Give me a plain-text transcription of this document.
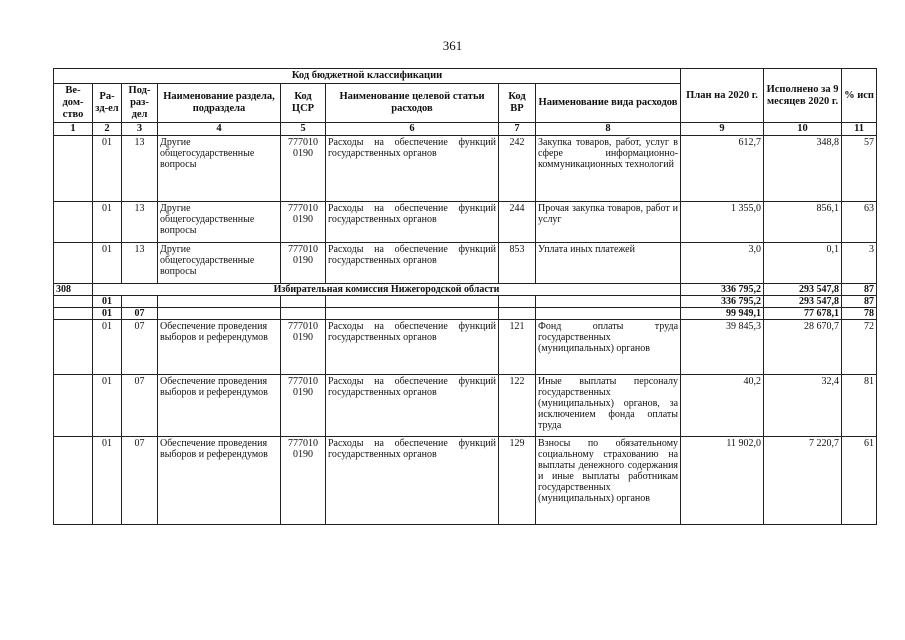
361
Код бюджетной классификации								План на 2020 г.	Исполнено за 9 месяцев 2020 г.	% исп
Ве-дом-ство	Ра-зд-ел	Под-раз-дел	Наименование раздела, подраздела	Код ЦСР	Наименование целевой статьи расходов	Код ВР	Наименование вида расходов			
1	2	3	4	5	6	7	8	9	10	11
	01	13	Другие общегосударственные вопросы	777010 0190	Расходы на обеспечение функций государственных органов	242	Закупка товаров, работ, услуг в сфере информационно-коммуникационных технологий	612,7	348,8	57
	01	13	Другие общегосударственные вопросы	777010 0190	Расходы на обеспечение функций государственных органов	244	Прочая закупка товаров, работ и услуг	1 355,0	856,1	63
	01	13	Другие общегосударственные вопросы	777010 0190	Расходы на обеспечение функций государственных органов	853	Уплата иных платежей	3,0	0,1	3
308	Избирательная комиссия Нижегородской области							336 795,2	293 547,8	87
	01							336 795,2	293 547,8	87
	01	07						99 949,1	77 678,1	78
	01	07	Обеспечение проведения выборов и референдумов	777010 0190	Расходы на обеспечение функций государственных органов	121	Фонд оплаты труда государственных (муниципальных) органов	39 845,3	28 670,7	72
	01	07	Обеспечение проведения выборов и референдумов	777010 0190	Расходы на обеспечение функций государственных органов	122	Иные выплаты персоналу государственных (муниципальных) органов, за исключением фонда оплаты труда	40,2	32,4	81
	01	07	Обеспечение проведения выборов и референдумов	777010 0190	Расходы на обеспечение функций государственных органов	129	Взносы по обязательному социальному страхованию на выплаты денежного содержания и иные выплаты работникам государственных (муниципальных) органов	11 902,0	7 220,7	61
